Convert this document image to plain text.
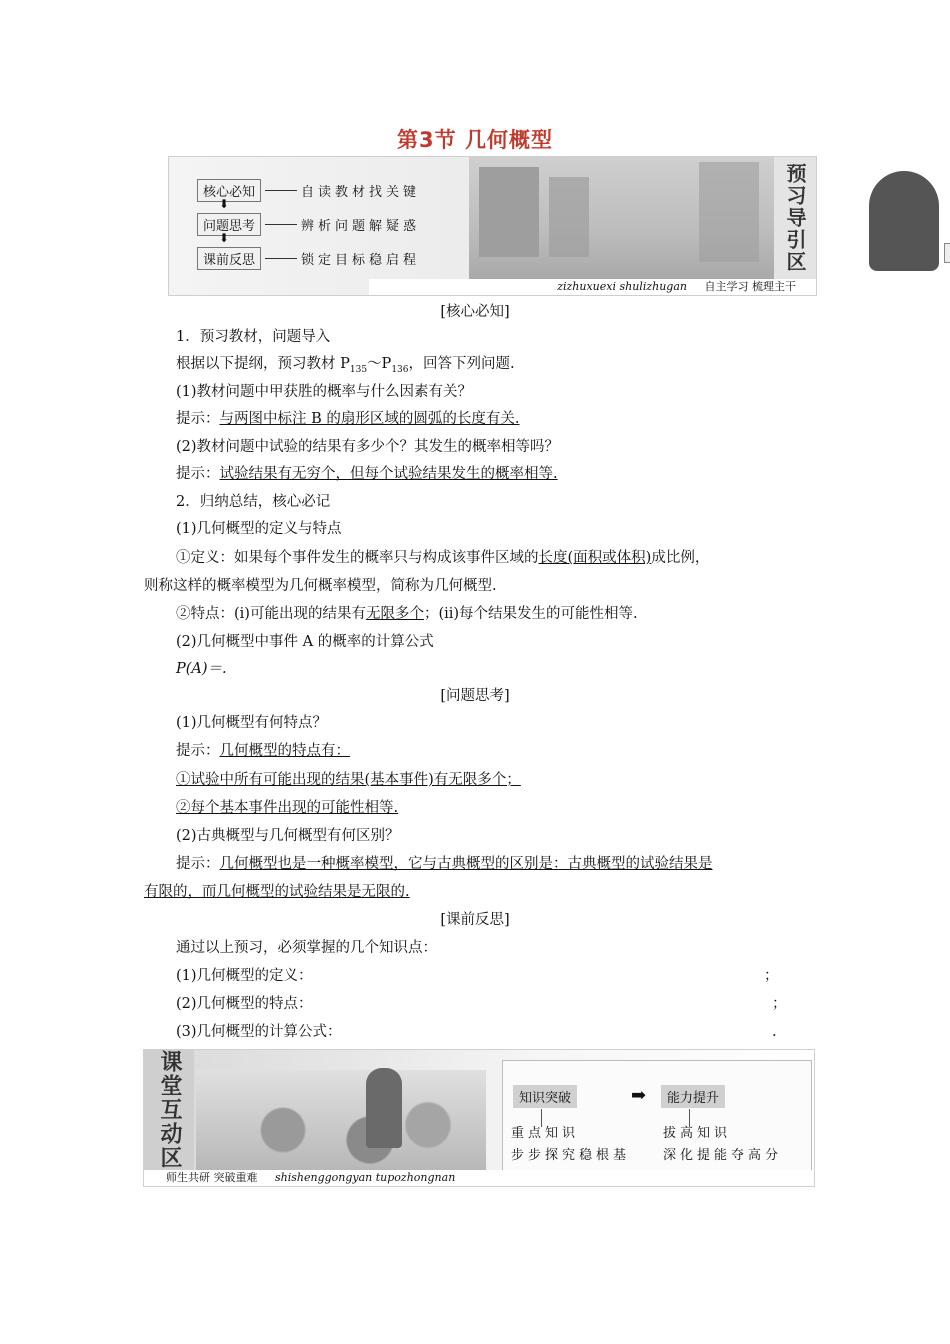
第3节 几何概型
核心必知	自读教材找关键
⬇
问题思考	辨析问题解疑惑
⬇
课前反思	锁定目标稳启程	预习导引区
zizhuxuexi shulizhugan 自主学习 梳理主干
[核心必知]
1．预习教材，问题导入
根据以下提纲，预习教材 $P_{135}\sim P_{136}$，回答下列问题.
(1)教材问题中甲获胜的概率与什么因素有关？
提示：与两图中标注 B 的扇形区域的圆弧的长度有关.
(2)教材问题中试验的结果有多少个？其发生的概率相等吗？
提示：试验结果有无穷个，但每个试验结果发生的概率相等.
2．归纳总结，核心必记
(1)几何概型的定义与特点
①定义：如果每个事件发生的概率只与构成该事件区域的长度(面积或体积)成比例，
则称这样的概率模型为几何概率模型，简称为几何概型.
②特点：(ⅰ)可能出现的结果有无限多个；(ⅱ)每个结果发生的可能性相等.
(2)几何概型中事件 A 的概率的计算公式
P(A)＝.
[问题思考]
(1)几何概型有何特点？
提示：几何概型的特点有：
①试验中所有可能出现的结果(基本事件)有无限多个；
②每个基本事件出现的可能性相等.
(2)古典概型与几何概型有何区别？
提示：几何概型也是一种概率模型，它与古典概型的区别是：古典概型的试验结果是
有限的，而几何概型的试验结果是无限的.
[课前反思]
通过以上预习，必须掌握的几个知识点：
(1)几何概型的定义：	；
(2)几何概型的特点：	；
(3)几何概型的计算公式：	.
课堂互动区	知识突破	➡	能力提升
重点知识
步步探究稳根基
拔高知识
深化提能夺高分
师生共研 突破重难 shishenggongyan tupozhongnan
